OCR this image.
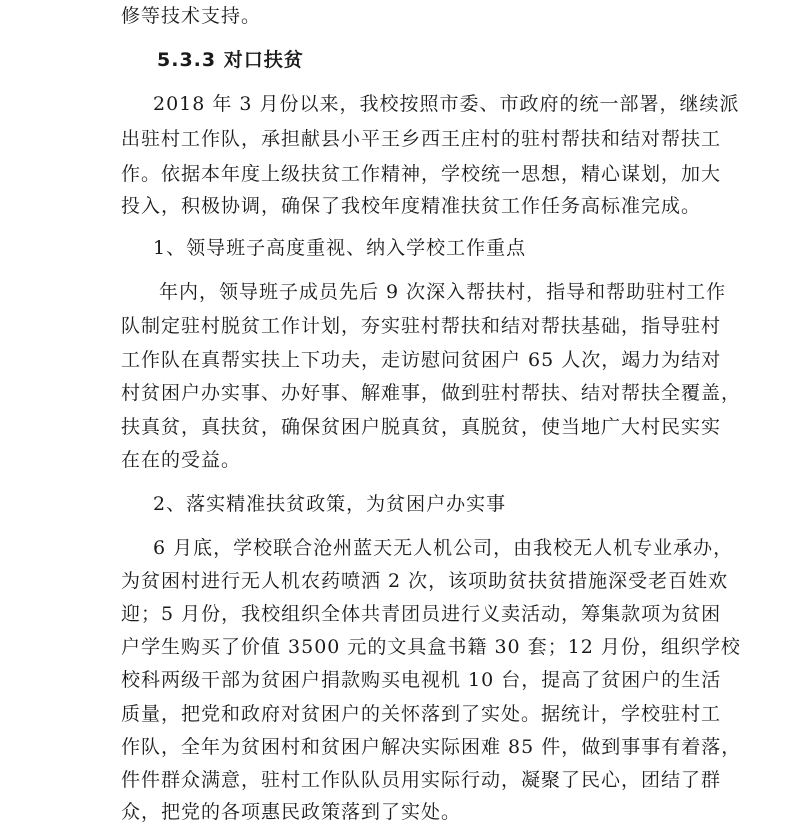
修等技术支持。
5.3.3 对口扶贫
2018 年 3 月份以来，我校按照市委、市政府的统一部署，继续派
出驻村工作队，承担献县小平王乡西王庄村的驻村帮扶和结对帮扶工
作。依据本年度上级扶贫工作精神，学校统一思想，精心谋划，加大
投入，积极协调，确保了我校年度精准扶贫工作任务高标准完成。
1、领导班子高度重视、纳入学校工作重点
年内，领导班子成员先后 9 次深入帮扶村，指导和帮助驻村工作
队制定驻村脱贫工作计划，夯实驻村帮扶和结对帮扶基础，指导驻村
工作队在真帮实扶上下功夫，走访慰问贫困户 65 人次，竭力为结对
村贫困户办实事、办好事、解难事，做到驻村帮扶、结对帮扶全覆盖，
扶真贫，真扶贫，确保贫困户脱真贫，真脱贫，使当地广大村民实实
在在的受益。
2、落实精准扶贫政策，为贫困户办实事
6 月底，学校联合沧州蓝天无人机公司，由我校无人机专业承办，
为贫困村进行无人机农药喷洒 2 次，该项助贫扶贫措施深受老百姓欢
迎；5 月份，我校组织全体共青团员进行义卖活动，筹集款项为贫困
户学生购买了价值 3500 元的文具盒书籍 30 套；12 月份，组织学校
校科两级干部为贫困户捐款购买电视机 10 台，提高了贫困户的生活
质量，把党和政府对贫困户的关怀落到了实处。据统计，学校驻村工
作队，全年为贫困村和贫困户解决实际困难 85 件，做到事事有着落，
件件群众满意，驻村工作队队员用实际行动，凝聚了民心，团结了群
众，把党的各项惠民政策落到了实处。
